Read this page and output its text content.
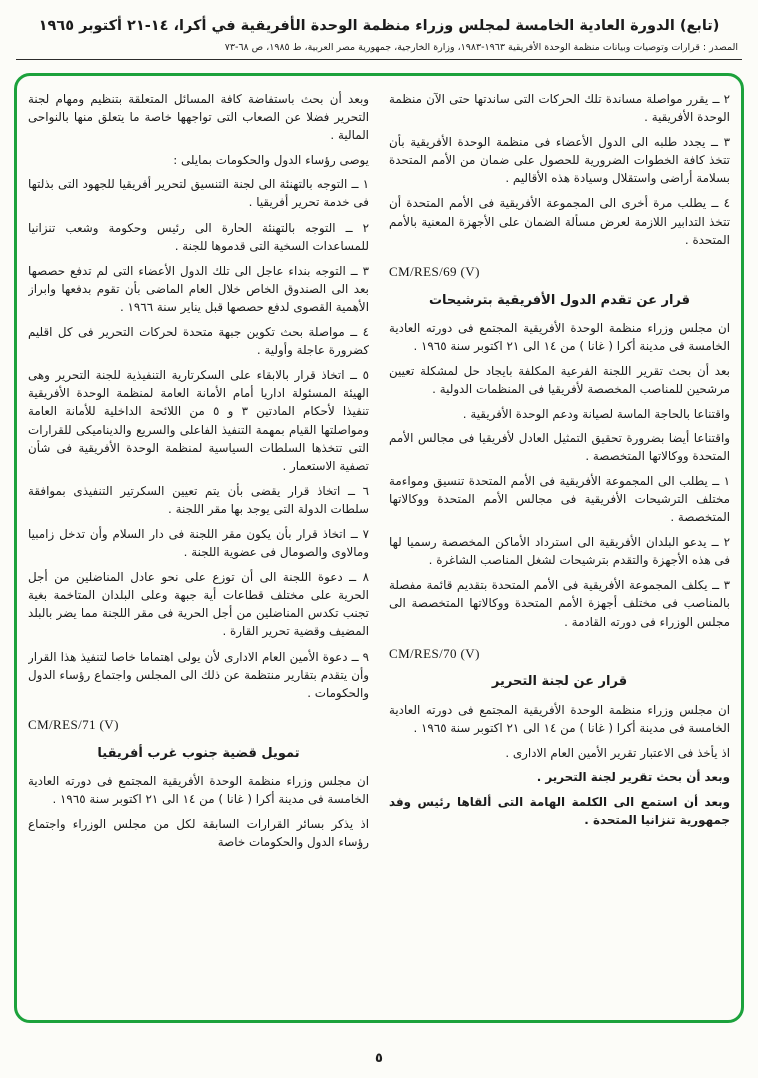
(تابع) الدورة العادية الخامسة لمجلس وزراء منظمة الوحدة الأفريقية في أكرا، ١٤-٢١ أكتوبر ١٩٦٥
المصدر : قرارات وتوصيات وبيانات منظمة الوحدة الأفريقية ١٩٦٣-١٩٨٣، وزارة الخارجية، جمهورية مصر العربية، ط ١٩٨٥، ص ٦٨-٧٣

٢ ــ يقرر مواصلة مساندة تلك الحركات التى ساندتها حتى الآن منظمة الوحدة الأفريقية .

٣ ــ يجدد طلبه الى الدول الأعضاء فى منظمة الوحدة الأفريقية بأن تتخذ كافة الخطوات الضرورية للحصول على ضمان من الأمم المتحدة بسلامة أراضى واستقلال وسيادة هذه الأقاليم .

٤ ــ يطلب مرة أخرى الى المجموعة الأفريقية فى الأمم المتحدة أن تتخذ التدابير اللازمة لعرض مسألة الضمان على الأجهزة المعنية بالأمم المتحدة .

CM/RES/69 (V)

قرار عن تقدم الدول الأفريقية بترشيحات

ان مجلس وزراء منظمة الوحدة الأفريقية المجتمع فى دورته العادية الخامسة فى مدينة أكرا ( غانا ) من ١٤ الى ٢١ اكتوبر سنة ١٩٦٥ .

بعد أن بحث تقرير اللجنة الفرعية المكلفة بايجاد حل لمشكلة تعيين مرشحين للمناصب المخصصة لأفريقيا فى المنظمات الدولية .

واقتناعا بالحاجة الماسة لصيانة ودعم الوحدة الأفريقية .

واقتناعا أيضا بضرورة تحقيق التمثيل العادل لأفريقيا فى مجالس الأمم المتحدة ووكالاتها المتخصصة .

١ ــ يطلب الى المجموعة الأفريقية فى الأمم المتحدة تنسيق ومواءمة مختلف الترشيحات الأفريقية فى مجالس الأمم المتحدة ووكالاتها المتخصصة .

٢ ــ يدعو البلدان الأفريقية الى استرداد الأماكن المخصصة رسميا لها فى هذه الأجهزة والتقدم بترشيحات لشغل المناصب الشاغرة .

٣ ــ يكلف المجموعة الأفريقية فى الأمم المتحدة بتقديم قائمة مفصلة بالمناصب فى مختلف أجهزة الأمم المتحدة ووكالاتها المتخصصة الى مجلس الوزراء فى دورته القادمة .

CM/RES/70 (V)

قرار عن لجنة التحرير

ان مجلس وزراء منظمة الوحدة الأفريقية المجتمع فى دورته العادية الخامسة فى مدينة أكرا ( غانا ) من ١٤ الى ٢١ اكتوبر سنة ١٩٦٥ .

اذ يأخذ فى الاعتبار تقرير الأمين العام الادارى .

وبعد أن بحث تقرير لجنة التحرير .

وبعد أن استمع الى الكلمة الهامة التى ألقاها رئيس وفد جمهورية تنزانيا المتحدة .

وبعد أن بحث باستفاضة كافة المسائل المتعلقة بتنظيم ومهام لجنة التحرير فضلا عن الصعاب التى تواجهها خاصة ما يتعلق منها بالنواحى المالية .

يوصى رؤساء الدول والحكومات بمايلى :

١ ــ التوجه بالتهنئة الى لجنة التنسيق لتحرير أفريقيا للجهود التى بذلتها فى خدمة تحرير أفريقيا .

٢ ــ التوجه بالتهنئة الحارة الى رئيس وحكومة وشعب تنزانيا للمساعدات السخية التى قدموها للجنة .

٣ ــ التوجه بنداء عاجل الى تلك الدول الأعضاء التى لم تدفع حصصها بعد الى الصندوق الخاص خلال العام الماضى بأن تقوم بدفعها وابراز الأهمية القصوى لدفع حصصها قبل يناير سنة ١٩٦٦ .

٤ ــ مواصلة بحث تكوين جبهة متحدة لحركات التحرير فى كل اقليم كضرورة عاجلة وأولية .

٥ ــ اتخاذ قرار بالابقاء على السكرتارية التنفيذية للجنة التحرير وهى الهيئة المسئولة اداريا أمام الأمانة العامة لمنظمة الوحدة الأفريقية تنفيذا لأحكام المادتين ٣ و ٥ من اللائحة الداخلية للأمانة العامة ومواصلتها القيام بمهمة التنفيذ الفاعلى والسريع والديناميكى للقرارات التى تتخذها السلطات السياسية لمنظمة الوحدة الأفريقية فى شأن تصفية الاستعمار .

٦ ــ اتخاذ قرار يقضى بأن يتم تعيين السكرتير التنفيذى بموافقة سلطات الدولة التى يوجد بها مقر اللجنة .

٧ ــ اتخاذ قرار بأن يكون مقر اللجنة فى دار السلام وأن تدخل زامبيا ومالاوى والصومال فى عضوية اللجنة .

٨ ــ دعوة اللجنة الى أن توزع على نحو عادل المناضلين من أجل الحرية على مختلف قطاعات أية جبهة وعلى البلدان المتاخمة بغية تجنب تكدس المناضلين من أجل الحرية فى مقر اللجنة مما يضر بالبلد المضيف وقضية تحرير القارة .

٩ ــ دعوة الأمين العام الادارى لأن يولى اهتماما خاصا لتنفيذ هذا القرار وأن يتقدم بتقارير منتظمة عن ذلك الى المجلس واجتماع رؤساء الدول والحكومات .

CM/RES/71 (V)

تمويل قضية جنوب غرب أفريقيا

ان مجلس وزراء منظمة الوحدة الأفريقية المجتمع فى دورته العادية الخامسة فى مدينة أكرا ( غانا ) من ١٤ الى ٢١ اكتوبر سنة ١٩٦٥ .

اذ يذكر بسائر القرارات السابقة لكل من مجلس الوزراء واجتماع رؤساء الدول والحكومات خاصة

٥
